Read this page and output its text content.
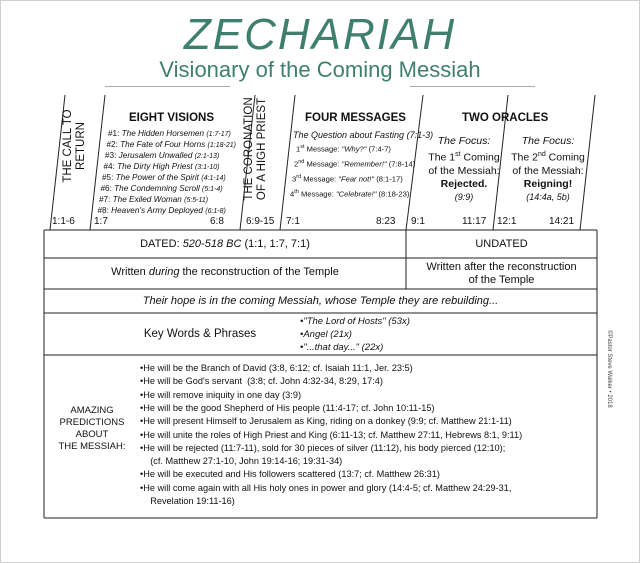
ZECHARIAH
Visionary of the Coming Messiah
THE CALL TO RETURN
1:1-6
EIGHT VISIONS
#1: The Hidden Horsemen (1:7-17)
#2: The Fate of Four Horns (1:18-21)
#3: Jerusalem Unwalled (2:1-13)
#4: The Dirty High Priest (3:1-10)
#5: The Power of the Spirit (4:1-14)
#6: The Condemning Scroll (5:1-4)
#7: The Exiled Woman (5:5-11)
#8: Heaven's Army Deployed (6:1-8)
1:7	6:8
THE CORONATION OF A HIGH PRIEST
6:9-15
FOUR MESSAGES
The Question about Fasting (7:1-3)
1st Message: "Why?" (7:4-7)
2nd Message: "Remember!" (7:8-14)
3rd Message: "Fear not!" (8:1-17)
4th Message: "Celebrate!" (8:18-23)
7:1	8:23
TWO ORACLES
The Focus:
The 1st Coming
of the Messiah:
Rejected.
(9:9)
The Focus:
The 2nd Coming
of the Messiah:
Reigning!
(14:4a, 5b)
9:1	11:17 12:1	14:21
DATED: 520-518 BC (1:1, 1:7, 7:1)	UNDATED
Written during the reconstruction of the Temple	Written after the reconstruction
of the Temple
Their hope is in the coming Messiah, whose Temple they are rebuilding...
Key Words & Phrases
•"The Lord of Hosts" (53x)
•Angel (21x)
•"...that day..." (22x)
AMAZING
PREDICTIONS
ABOUT
THE MESSIAH:
•He will be the Branch of David (3:8, 6:12; cf. Isaiah 11:1, Jer. 23:5)
•He will be God's servant  (3:8; cf. John 4:32-34, 8:29, 17:4)
•He will remove iniquity in one day (3:9)
•He will be the good Shepherd of His people (11:4-17; cf. John 10:11-15)
•He will present Himself to Jerusalem as King, riding on a donkey (9:9; cf. Matthew 21:1-11)
•He will unite the roles of High Priest and King (6:11-13; cf. Matthew 27:11, Hebrews 8:1, 9:11)
•He will be rejected (11:7-11), sold for 30 pieces of silver (11:12), his body pierced (12:10);
(cf. Matthew 27:1-10, John 19:14-16; 19:31-34)
•He will be executed and His followers scattered (13:7; cf. Matthew 26:31)
•He will come again with all His holy ones in power and glory (14:4-5; cf. Matthew 24:29-31,
Revelation 19:11-16)
©Pastor Steve Walker • 2018
